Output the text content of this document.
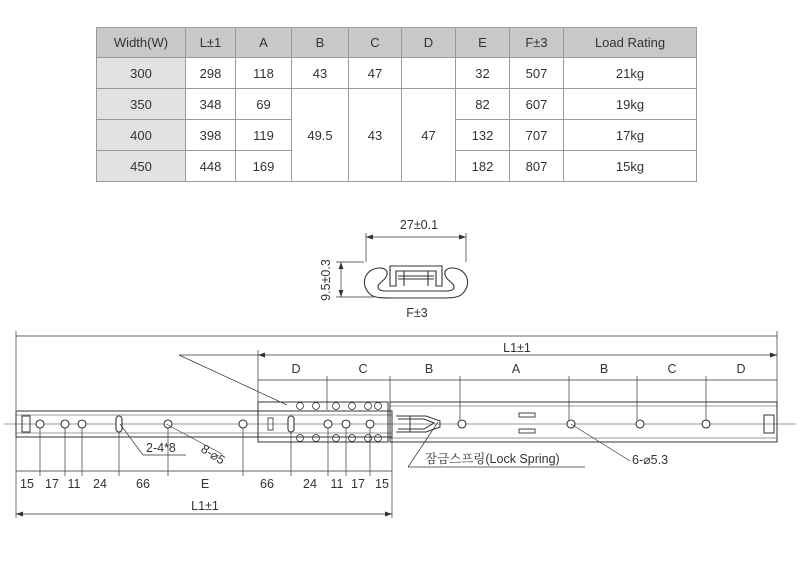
Width(W)	L±1	A	B	C	D	E	F±3	Load Rating
300	298	118	43	47		32	507	21kg
350	348	69	49.5	43	47	82	607	19kg
400	398	119				132	707	17kg
450	448	169				182	807	15kg
27±0.1
9.5±0.3
F±3
L1±1
D	C	B	A	B	C	D
2-4*8 8-⌀5	잠금스프링(Lock Spring)	6-⌀5.3
15 17 11 24 66	E	66 24 11 17 15
L1±1
